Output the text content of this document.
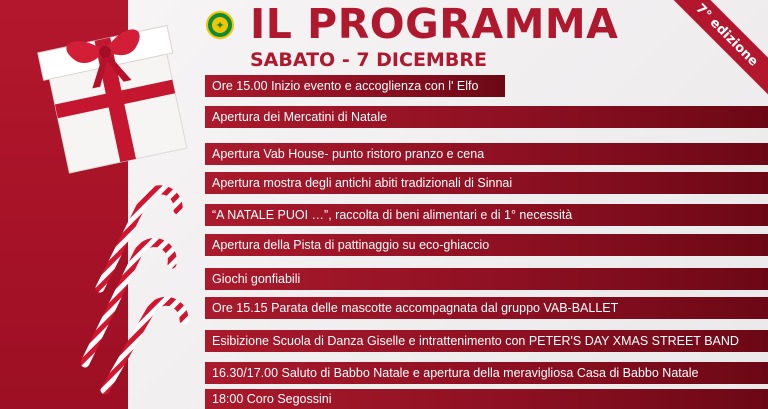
✦ IL PROGRAMMA
SABATO - 7 DICEMBRE	7° edizione
Ore 15.00 Inizio evento e accoglienza con l' Elfo
Apertura dei Mercatini di Natale
Apertura Vab House- punto ristoro pranzo e cena
Apertura mostra degli antichi abiti tradizionali di Sinnai
“A NATALE PUOI …”, raccolta di beni alimentari e di 1° necessità
Apertura della Pista di pattinaggio su eco-ghiaccio
Giochi gonfiabili
Ore 15.15 Parata delle mascotte accompagnata dal gruppo VAB-BALLET
Esibizione Scuola di Danza Giselle e intrattenimento con PETER'S DAY XMAS STREET BAND
16.30/17.00 Saluto di Babbo Natale e apertura della meravigliosa Casa di Babbo Natale
18:00 Coro Segossini
